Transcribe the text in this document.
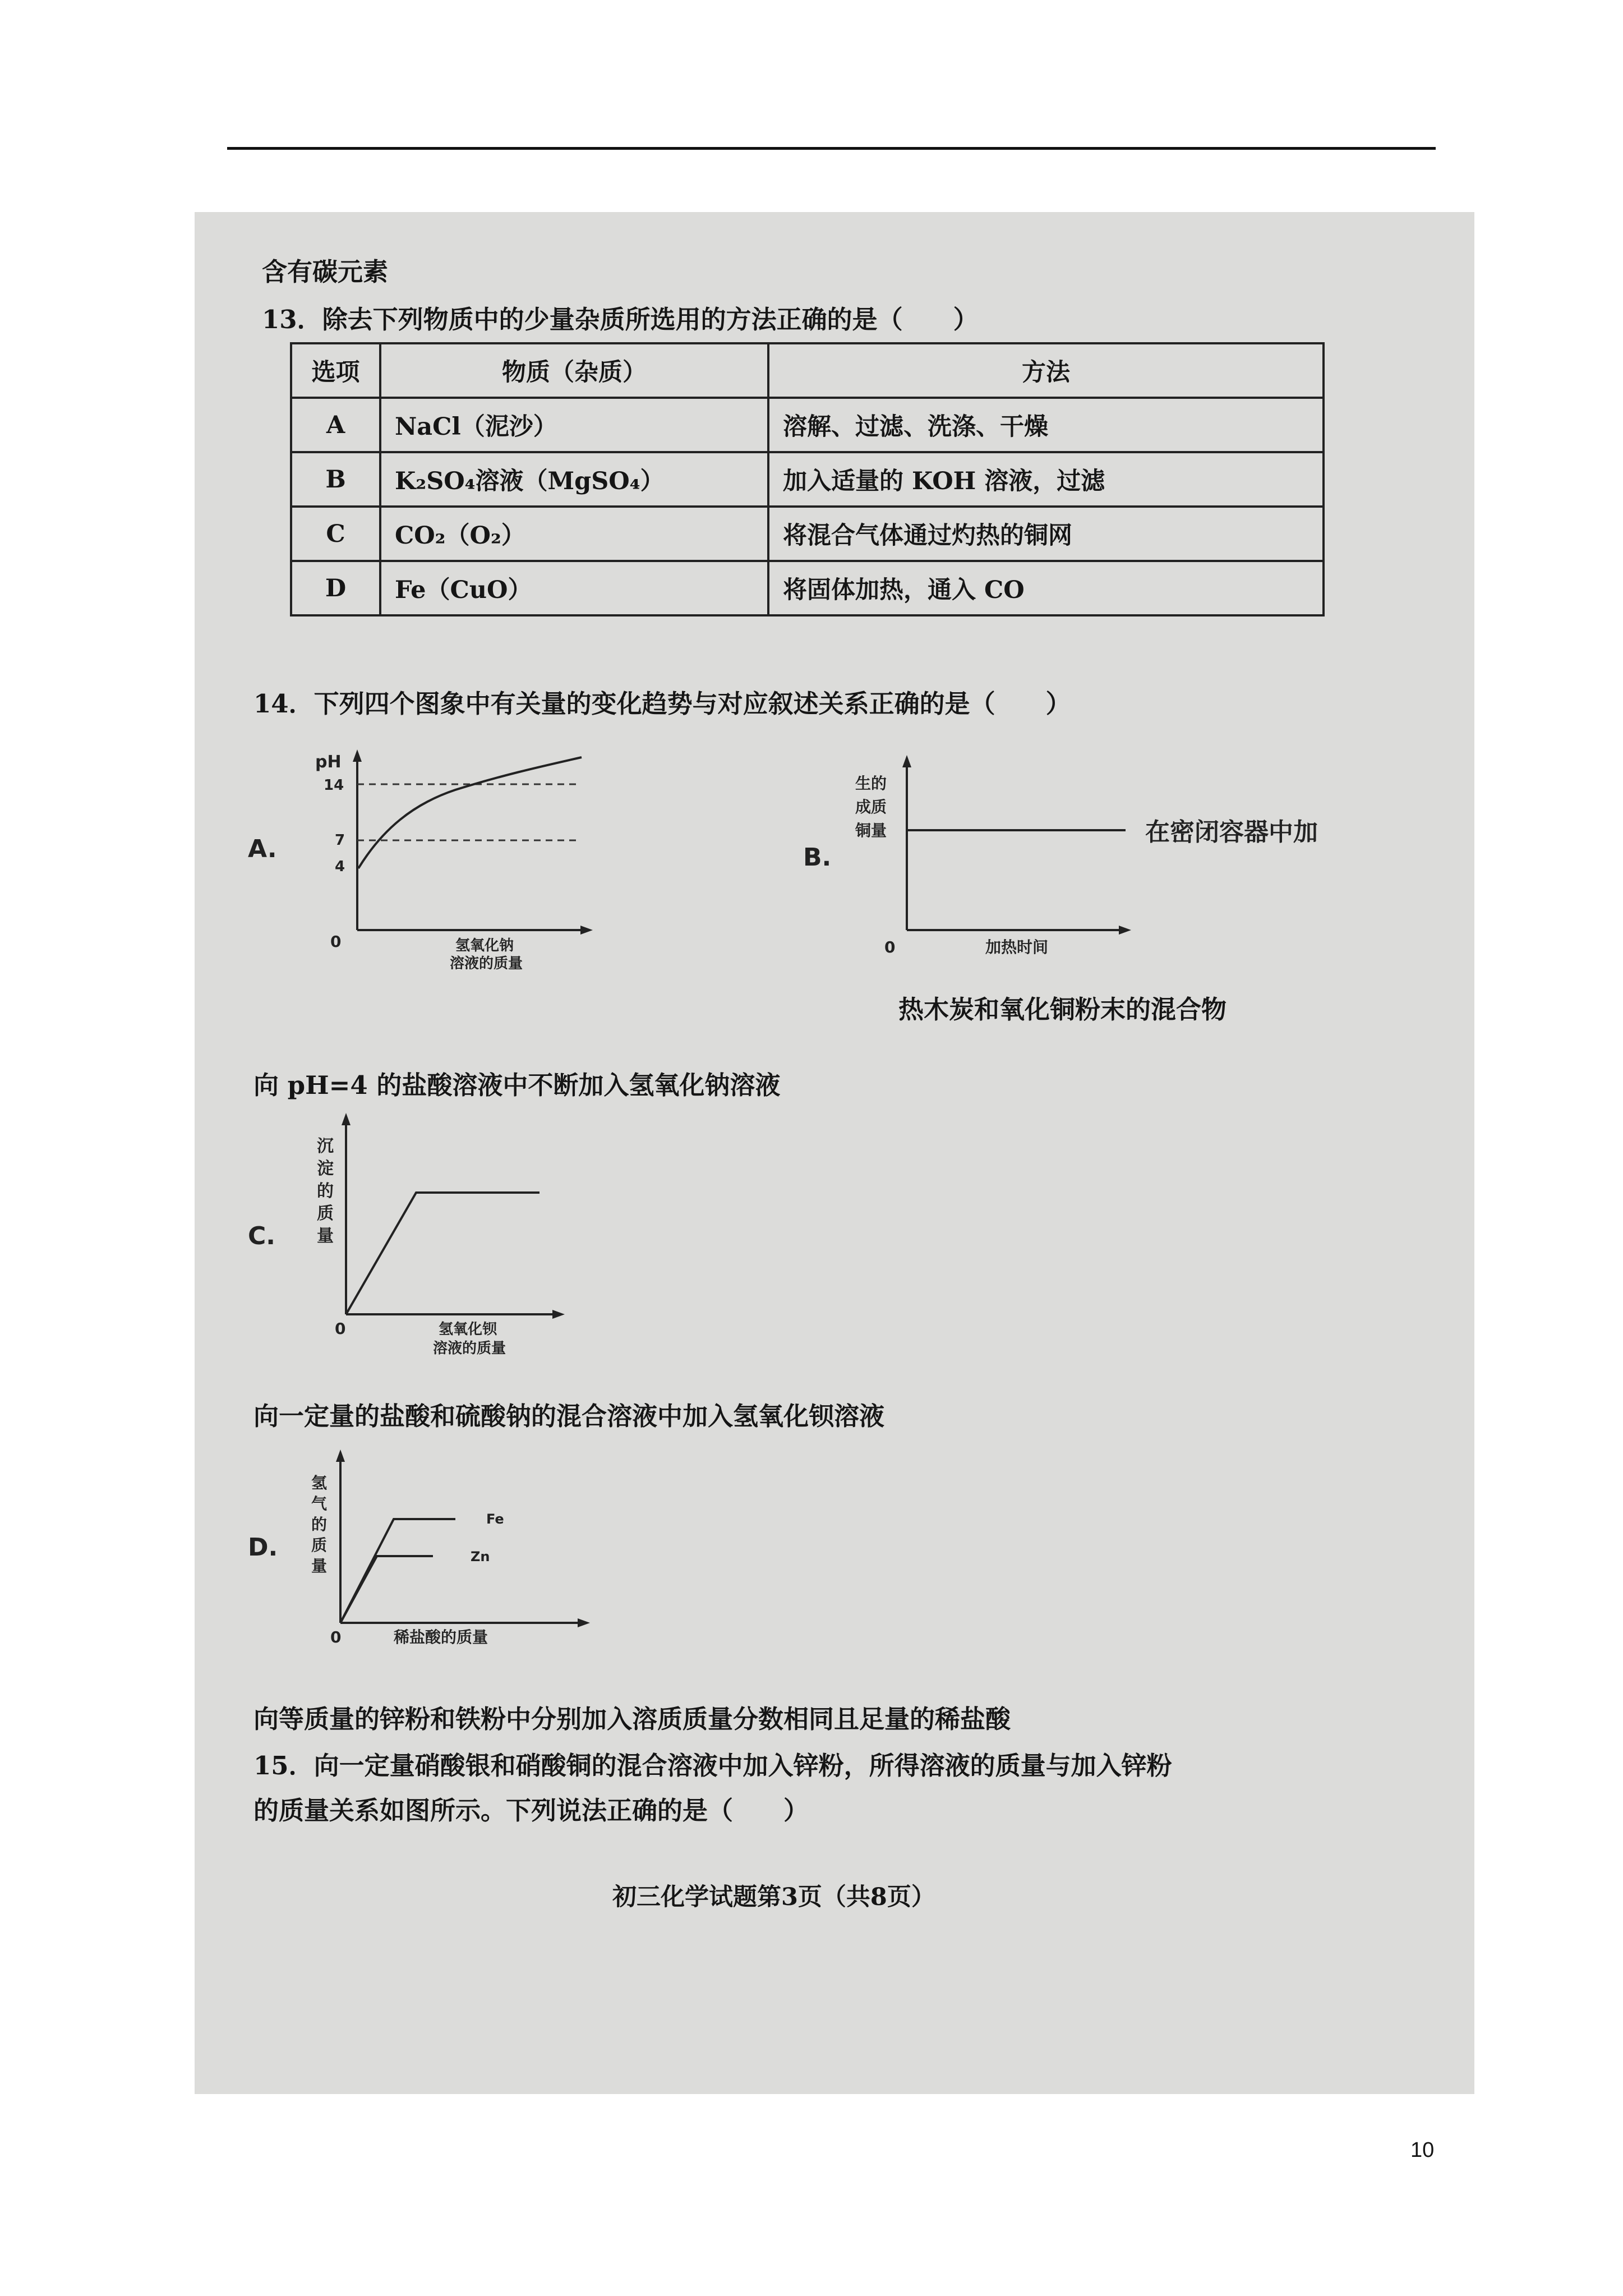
含有碳元素
13．除去下列物质中的少量杂质所选用的方法正确的是（　　）
选项	物质（杂质）	方法
A	NaCl（泥沙）	溶解、过滤、洗涤、干燥
B	K₂SO₄溶液（MgSO₄）	加入适量的 KOH 溶液，过滤
C	CO₂（O₂）	将混合气体通过灼热的铜网
D	Fe（CuO）	将固体加热，通入 CO
14．下列四个图象中有关量的变化趋势与对应叙述关系正确的是（　　）
A.
pH
14
7
4
0	氢氧化钠
溶液的质量
B.
生的
成质
铜量
0	加热时间
在密闭容器中加
热木炭和氧化铜粉末的混合物
向 pH=4 的盐酸溶液中不断加入氢氧化钠溶液
C.
沉
淀
的
质
量
0	氢氧化钡
溶液的质量
向一定量的盐酸和硫酸钠的混合溶液中加入氢氧化钡溶液
D.
氢
气
的
质
量
Fe
Zn
0	稀盐酸的质量
向等质量的锌粉和铁粉中分别加入溶质质量分数相同且足量的稀盐酸
15．向一定量硝酸银和硝酸铜的混合溶液中加入锌粉，所得溶液的质量与加入锌粉
的质量关系如图所示。下列说法正确的是（　　）
初三化学试题第3页（共8页）
10
